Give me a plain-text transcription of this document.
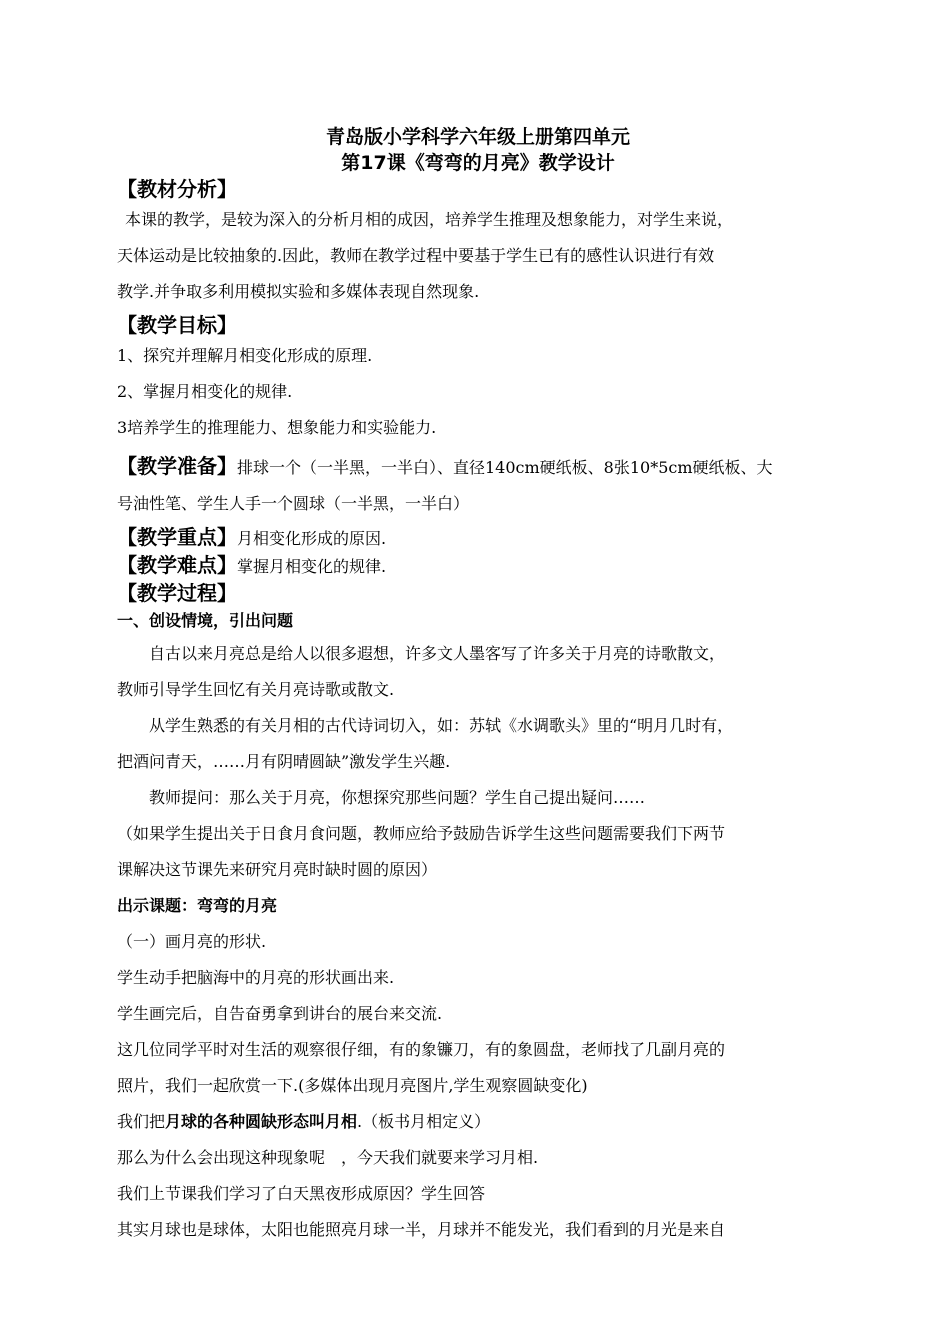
青岛版小学科学六年级上册第四单元

第17课《弯弯的月亮》教学设计

【教材分析】

本课的教学，是较为深入的分析月相的成因，培养学生推理及想象能力，对学生来说，

天体运动是比较抽象的.因此，教师在教学过程中要基于学生已有的感性认识进行有效

教学.并争取多利用模拟实验和多媒体表现自然现象.

【教学目标】

1、探究并理解月相变化形成的原理.

2、掌握月相变化的规律.

3培养学生的推理能力、想象能力和实验能力.

【教学准备】排球一个（一半黑，一半白）、直径140cm硬纸板、8张10*5cm硬纸板、大

号油性笔、学生人手一个圆球（一半黑，一半白）

【教学重点】月相变化形成的原因.

【教学难点】掌握月相变化的规律.

【教学过程】

一、创设情境，引出问题

自古以来月亮总是给人以很多遐想，许多文人墨客写了许多关于月亮的诗歌散文，

教师引导学生回忆有关月亮诗歌或散文.

从学生熟悉的有关月相的古代诗词切入，如：苏轼《水调歌头》里的“明月几时有，

把酒问青天，……月有阴晴圆缺”激发学生兴趣.

教师提问：那么关于月亮，你想探究那些问题？学生自己提出疑问……

（如果学生提出关于日食月食问题，教师应给予鼓励告诉学生这些问题需要我们下两节

课解决这节课先来研究月亮时缺时圆的原因）

出示课题：弯弯的月亮

（一）画月亮的形状.

学生动手把脑海中的月亮的形状画出来.

学生画完后，自告奋勇拿到讲台的展台来交流.

这几位同学平时对生活的观察很仔细，有的象镰刀，有的象圆盘，老师找了几副月亮的

照片，我们一起欣赏一下.(多媒体出现月亮图片,学生观察圆缺变化)

我们把月球的各种圆缺形态叫月相.（板书月相定义）

那么为什么会出现这种现象呢　，今天我们就要来学习月相.

我们上节课我们学习了白天黑夜形成原因？学生回答

其实月球也是球体，太阳也能照亮月球一半，月球并不能发光，我们看到的月光是来自
